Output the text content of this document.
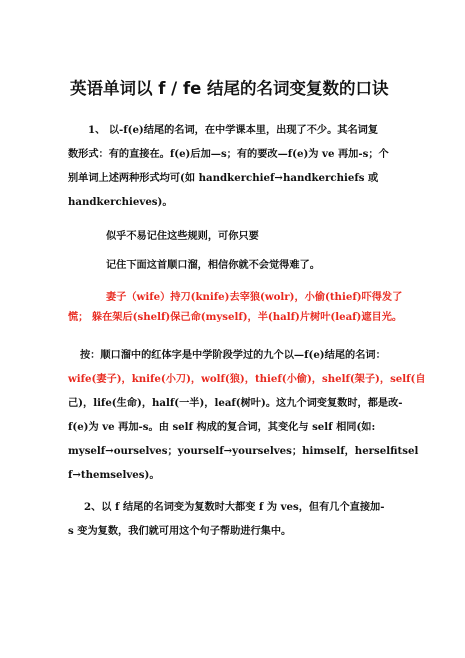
英语单词以 f / fe 结尾的名词变复数的口诀
1、 以-f(e)结尾的名词，在中学课本里，出现了不少。其名词复
数形式：有的直接在。f(e)后加—s；有的要改—f(e)为 ve 再加-s；个
别单词上述两种形式均可(如 handkerchief→handkerchiefs 或
handkerchieves)。
似乎不易记住这些规则，可你只要
记住下面这首顺口溜，相信你就不会觉得难了。
妻子（wife）持刀(knife)去宰狼(wolr)，小偷(thief)吓得发了
慌； 躲在架后(shelf)保己命(myself)，半(half)片树叶(leaf)遮目光。
按：顺口溜中的红体字是中学阶段学过的九个以—f(e)结尾的名词：
wife(妻子)，knife(小刀)，wolf(狼)，thief(小偷)，shelf(架子)，self(自
己)，life(生命)，half(一半)，leaf(树叶)。这九个词变复数时，都是改-
f(e)为 ve 再加-s。由 self 构成的复合词，其变化与 self 相同(如:
myself→ourselves；yourself→yourselves；himself，herselfitsel
f→themselves)。
2、以 f 结尾的名词变为复数时大都变 f 为 ves，但有几个直接加-
s 变为复数，我们就可用这个句子帮助进行集中。
